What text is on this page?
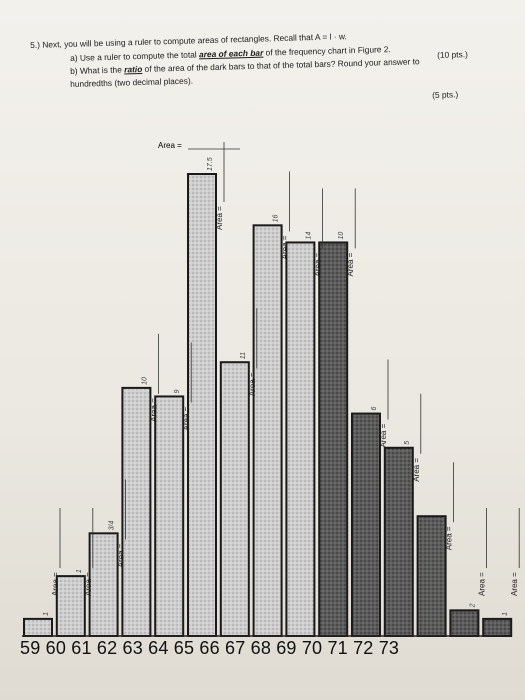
5.) Next, you will be using a ruler to compute areas of rectangles. Recall that A = l · w.
a) Use a ruler to compute the total area of each bar of the frequency chart in Figure 2.	(10 pts.)
b) What is the ratio of the area of the dark bars to that of the total bars? Round your answer to
hundredths (two decimal places).
(5 pts.)
Area =	Area =
Area =
Area =	Area =
Area =
Area =
Area =
Area =	Area =
Area =
Area =
Area =
Area =	Area =
Area =
1
1
3/4
10
9
17.5
11
16
14	10
6
5
2
1
59 60 61 62 63 64 65 66 67 68 69 70 71 72 73
